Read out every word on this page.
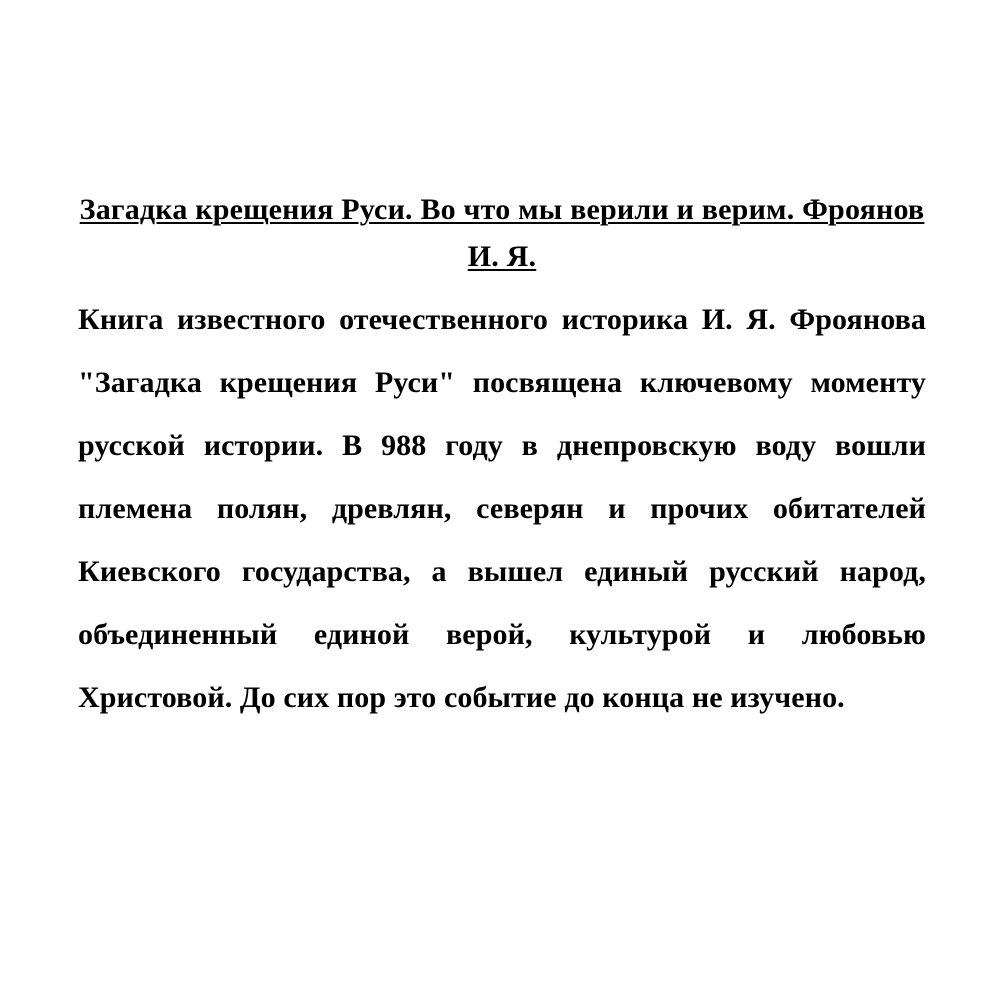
Загадка крещения Руси. Во что мы верили и верим. Фроянов И. Я.

Книга известного отечественного историка И. Я. Фроянова "Загадка крещения Руси" посвящена ключевому моменту русской истории. В 988 году в днепровскую воду вошли племена полян, древлян, северян и прочих обитателей Киевского государства, а вышел единый русский народ, объединенный единой верой, культурой и любовью Христовой. До сих пор это событие до конца не изучено.
